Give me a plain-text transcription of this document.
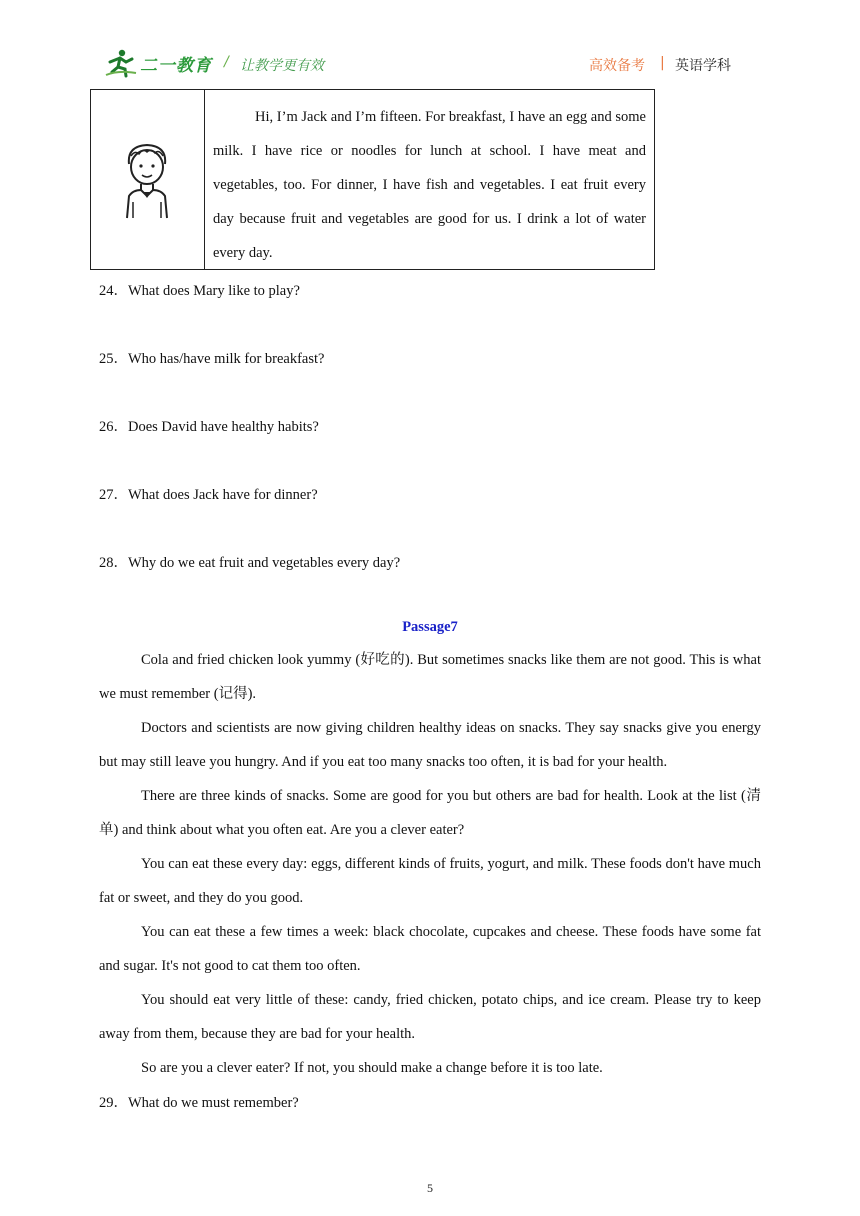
二一教育 / 让教学更有效	高效备考 | 英语学科
Hi, I’m Jack and I’m fifteen. For breakfast, I have an egg and some milk. I have rice or noodles for lunch at school. I have meat and vegetables, too. For dinner, I have fish and vegetables. I eat fruit every day because fruit and vegetables are good for us. I drink a lot of water every day.
24．What does Mary like to play?
25．Who has/have milk for breakfast?
26．Does David have healthy habits?
27．What does Jack have for dinner?
28．Why do we eat fruit and vegetables every day?
Passage7

Cola and fried chicken look yummy (好吃的). But sometimes snacks like them are not good. This is what we must remember (记得).

Doctors and scientists are now giving children healthy ideas on snacks. They say snacks give you energy but may still leave you hungry. And if you eat too many snacks too often, it is bad for your health.

There are three kinds of snacks. Some are good for you but others are bad for health. Look at the list (清单) and think about what you often eat. Are you a clever eater?

You can eat these every day: eggs, different kinds of fruits, yogurt, and milk. These foods don't have much fat or sweet, and they do you good.

You can eat these a few times a week: black chocolate, cupcakes and cheese. These foods have some fat and sugar. It's not good to cat them too often.

You should eat very little of these: candy, fried chicken, potato chips, and ice cream. Please try to keep away from them, because they are bad for your health.

So are you a clever eater? If not, you should make a change before it is too late.

29．What do we must remember?
5
